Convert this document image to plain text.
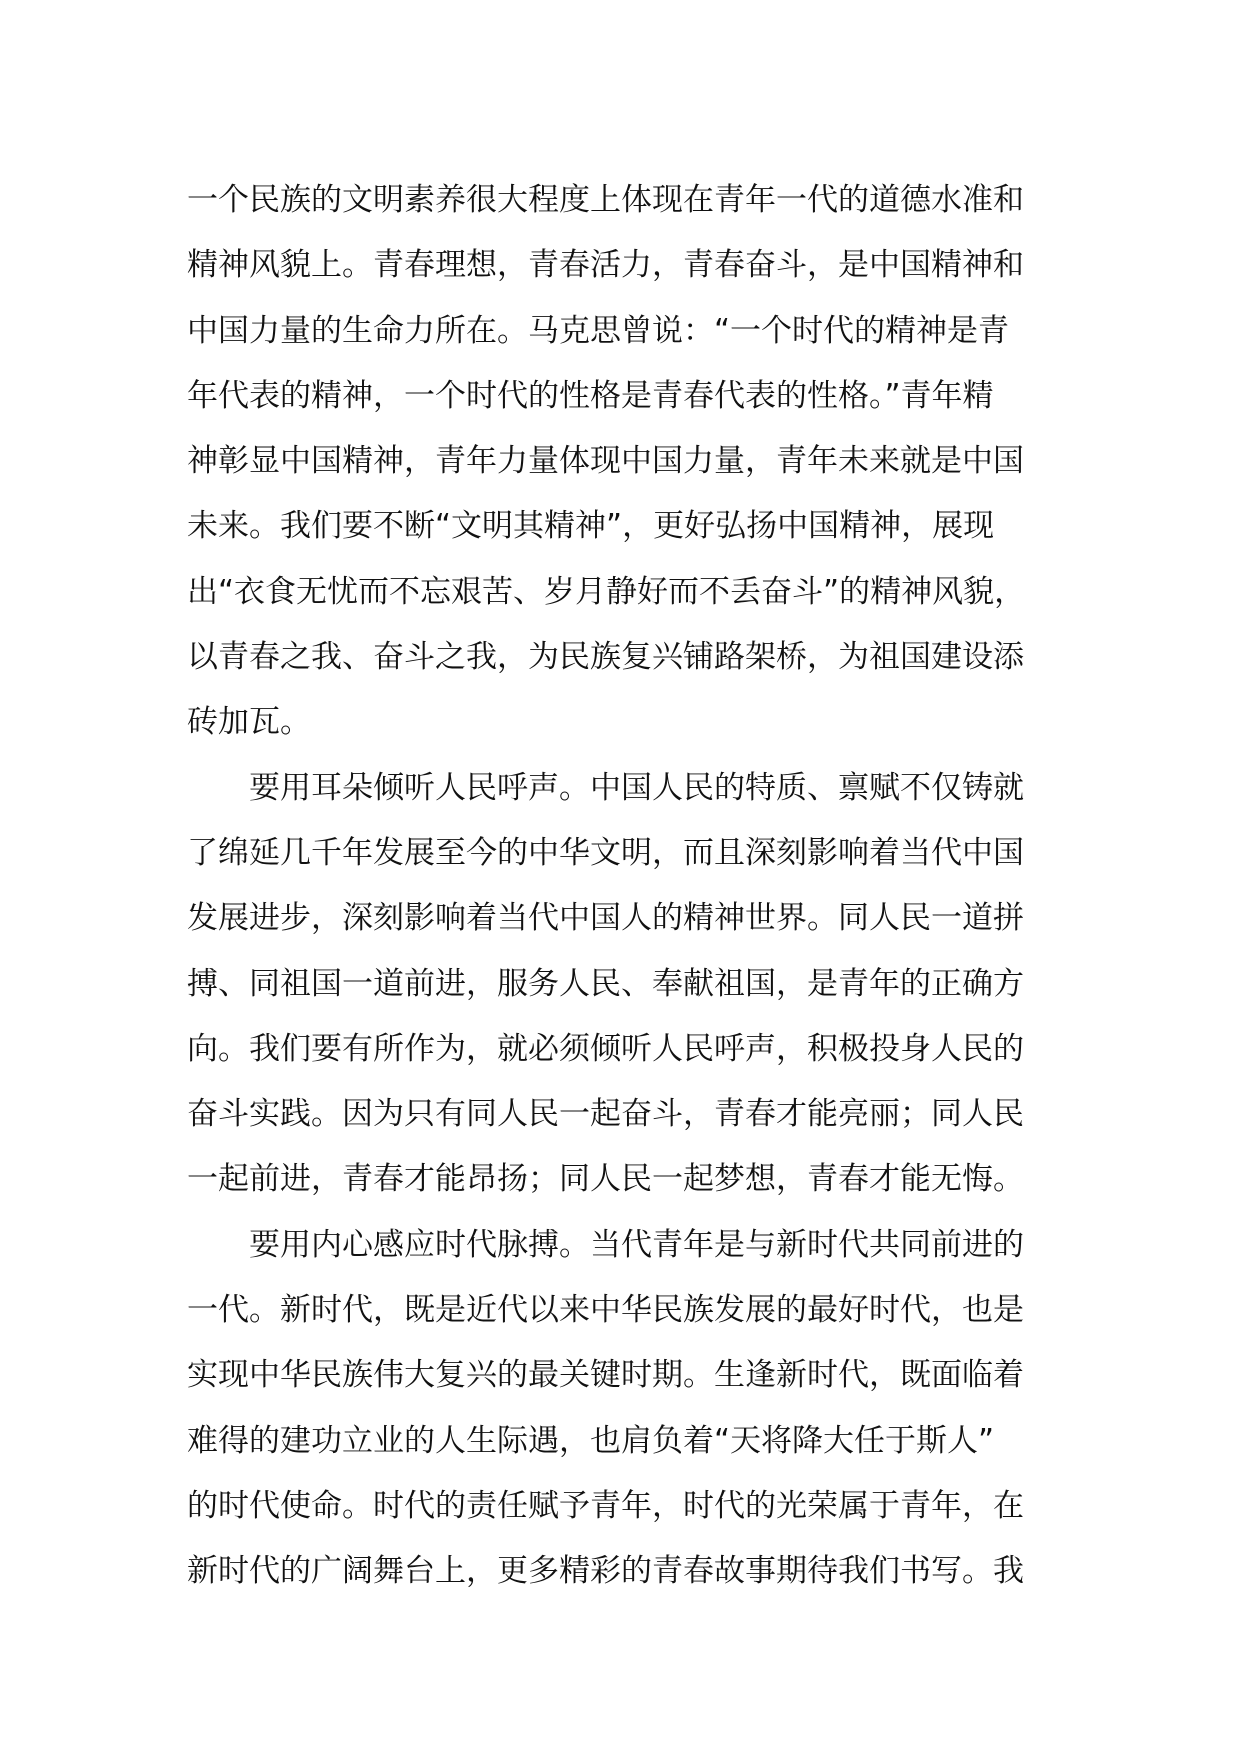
一个民族的文明素养很大程度上体现在青年一代的道德水准和
精神风貌上。青春理想，青春活力，青春奋斗，是中国精神和
中国力量的生命力所在。马克思曾说：“一个时代的精神是青
年代表的精神，一个时代的性格是青春代表的性格。”青年精
神彰显中国精神，青年力量体现中国力量，青年未来就是中国
未来。我们要不断“文明其精神”，更好弘扬中国精神，展现
出“衣食无忧而不忘艰苦、岁月静好而不丢奋斗”的精神风貌，
以青春之我、奋斗之我，为民族复兴铺路架桥，为祖国建设添
砖加瓦。
要用耳朵倾听人民呼声。中国人民的特质、禀赋不仅铸就
了绵延几千年发展至今的中华文明，而且深刻影响着当代中国
发展进步，深刻影响着当代中国人的精神世界。同人民一道拼
搏、同祖国一道前进，服务人民、奉献祖国，是青年的正确方
向。我们要有所作为，就必须倾听人民呼声，积极投身人民的
奋斗实践。因为只有同人民一起奋斗，青春才能亮丽；同人民
一起前进，青春才能昂扬；同人民一起梦想，青春才能无悔。
要用内心感应时代脉搏。当代青年是与新时代共同前进的
一代。新时代，既是近代以来中华民族发展的最好时代，也是
实现中华民族伟大复兴的最关键时期。生逢新时代，既面临着
难得的建功立业的人生际遇，也肩负着“天将降大任于斯人”
的时代使命。时代的责任赋予青年，时代的光荣属于青年，在
新时代的广阔舞台上，更多精彩的青春故事期待我们书写。我
